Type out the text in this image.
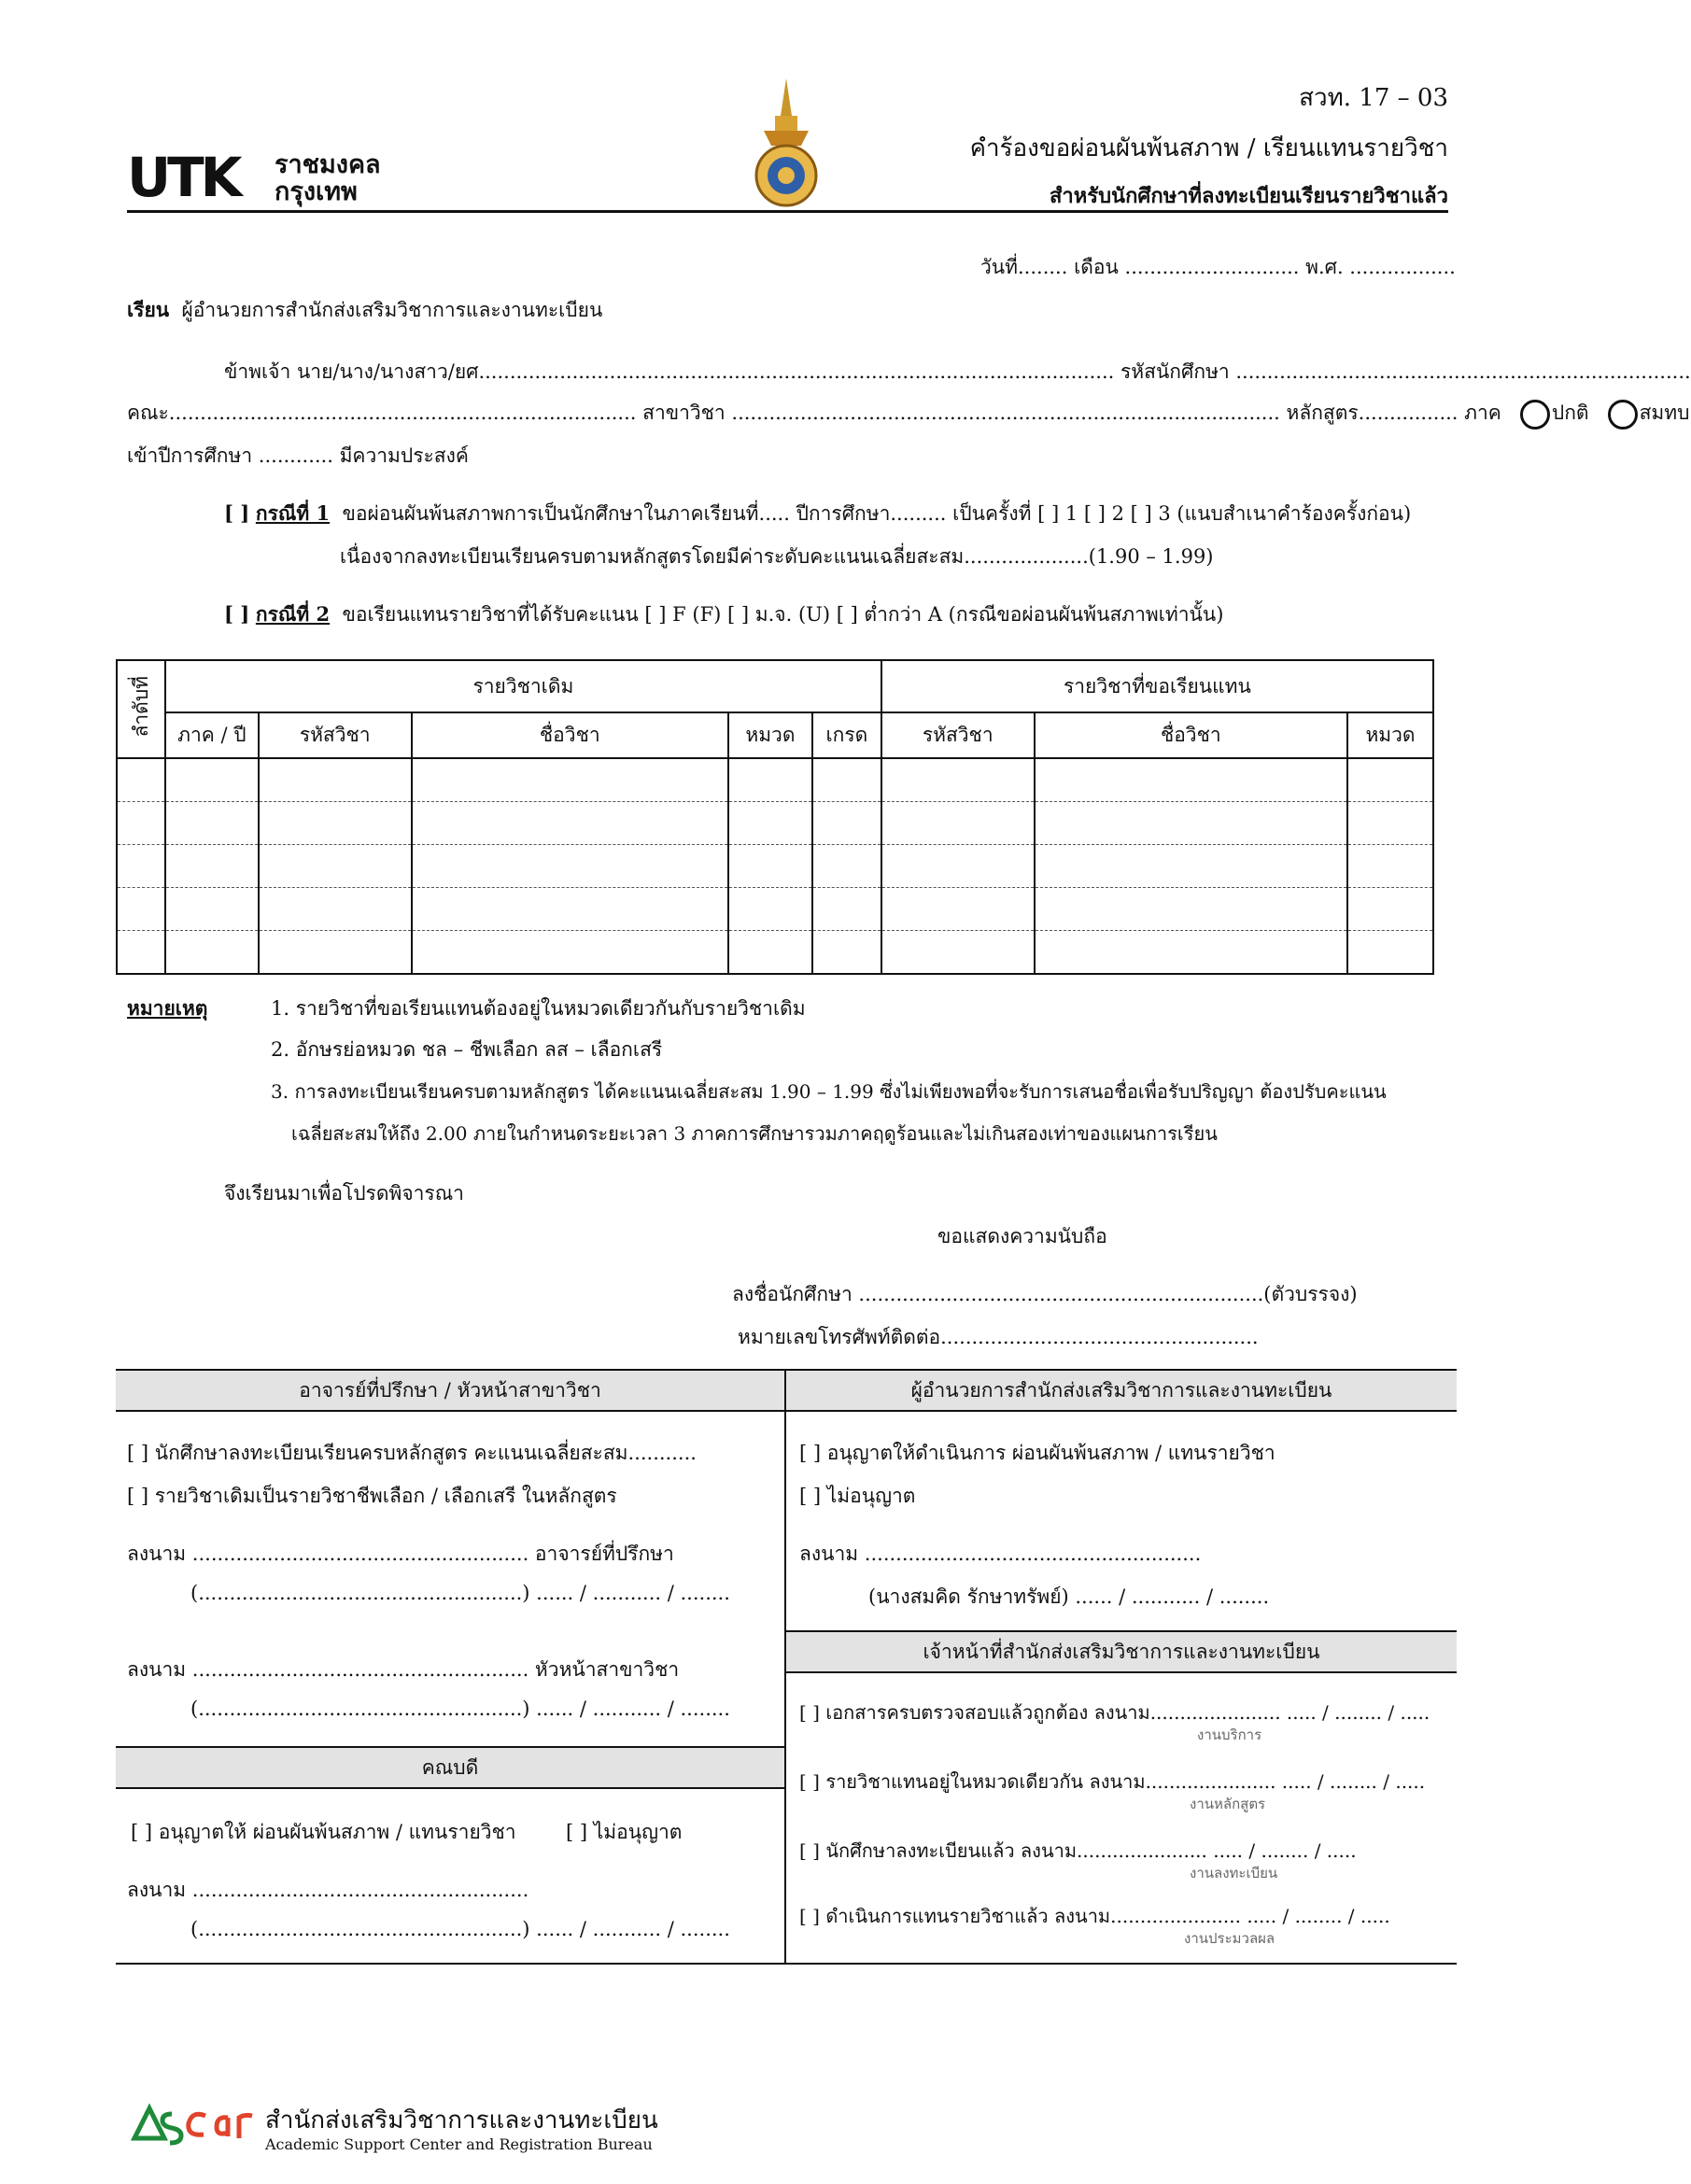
UTK ราชมงคล
กรุงเทพ
สวท. 17 – 03
คำร้องขอผ่อนผันพ้นสภาพ / เรียนแทนรายวิชา
สำหรับนักศึกษาที่ลงทะเบียนเรียนรายวิชาแล้ว
วันที่........ เดือน ............................ พ.ศ. .................
เรียน ผู้อำนวยการสำนักส่งเสริมวิชาการและงานทะเบียน
ข้าพเจ้า นาย/นาง/นางสาว/ยศ...................................................................................................... รหัสนักศึกษา .........................................................................
คณะ........................................................................... สาขาวิชา ........................................................................................ หลักสูตร................ ภาค	ปกติ	สมทบ
เข้าปีการศึกษา ............ มีความประสงค์
[ ] กรณีที่ 1 ขอผ่อนผันพ้นสภาพการเป็นนักศึกษาในภาคเรียนที่..... ปีการศึกษา......... เป็นครั้งที่ [ ] 1 [ ] 2 [ ] 3 (แนบสำเนาคำร้องครั้งก่อน)
เนื่องจากลงทะเบียนเรียนครบตามหลักสูตรโดยมีค่าระดับคะแนนเฉลี่ยสะสม....................(1.90 – 1.99)
[ ] กรณีที่ 2 ขอเรียนแทนรายวิชาที่ได้รับคะแนน [ ] F (F) [ ] ม.จ. (U) [ ] ต่ำกว่า A (กรณีขอผ่อนผันพ้นสภาพเท่านั้น)
ลำดับที่	รายวิชาเดิม					รายวิชาที่ขอเรียนแทน		
	ภาค / ปี	รหัสวิชา	ชื่อวิชา	หมวด	เกรด	รหัสวิชา	ชื่อวิชา	หมวด

หมายเหตุ	1. รายวิชาที่ขอเรียนแทนต้องอยู่ในหมวดเดียวกันกับรายวิชาเดิม
2. อักษรย่อหมวด ชล – ชีพเลือก ลส – เลือกเสรี
3. การลงทะเบียนเรียนครบตามหลักสูตร ได้คะแนนเฉลี่ยสะสม 1.90 – 1.99 ซึ่งไม่เพียงพอที่จะรับการเสนอชื่อเพื่อรับปริญญา ต้องปรับคะแนน
เฉลี่ยสะสมให้ถึง 2.00 ภายในกำหนดระยะเวลา 3 ภาคการศึกษารวมภาคฤดูร้อนและไม่เกินสองเท่าของแผนการเรียน
จึงเรียนมาเพื่อโปรดพิจารณา
ขอแสดงความนับถือ
ลงชื่อนักศึกษา .................................................................(ตัวบรรจง)
หมายเลขโทรศัพท์ติดต่อ...................................................
อาจารย์ที่ปรึกษา / หัวหน้าสาขาวิชา
[ ] นักศึกษาลงทะเบียนเรียนครบหลักสูตร คะแนนเฉลี่ยสะสม...........
[ ] รายวิชาเดิมเป็นรายวิชาชีพเลือก / เลือกเสรี ในหลักสูตร
ลงนาม ...................................................... อาจารย์ที่ปรึกษา
(....................................................) ...... / ........... / ........
ลงนาม ...................................................... หัวหน้าสาขาวิชา
(....................................................) ...... / ........... / ........
คณบดี
[ ] อนุญาตให้ ผ่อนผันพ้นสภาพ / แทนรายวิชา	[ ] ไม่อนุญาต
ลงนาม ......................................................
(....................................................) ...... / ........... / ........
ผู้อำนวยการสำนักส่งเสริมวิชาการและงานทะเบียน
[ ] อนุญาตให้ดำเนินการ ผ่อนผันพ้นสภาพ / แทนรายวิชา
[ ] ไม่อนุญาต
ลงนาม ......................................................
(นางสมคิด รักษาทรัพย์) ...... / ........... / ........
เจ้าหน้าที่สำนักส่งเสริมวิชาการและงานทะเบียน
[ ] เอกสารครบตรวจสอบแล้วถูกต้อง ลงนาม...................... ..... / ........ / .....
งานบริการ
[ ] รายวิชาแทนอยู่ในหมวดเดียวกัน ลงนาม...................... ..... / ........ / .....
งานหลักสูตร
[ ] นักศึกษาลงทะเบียนแล้ว ลงนาม...................... ..... / ........ / .....
งานลงทะเบียน
[ ] ดำเนินการแทนรายวิชาแล้ว ลงนาม...................... ..... / ........ / .....
งานประมวลผล
สำนักส่งเสริมวิชาการและงานทะเบียน
Academic Support Center and Registration Bureau
